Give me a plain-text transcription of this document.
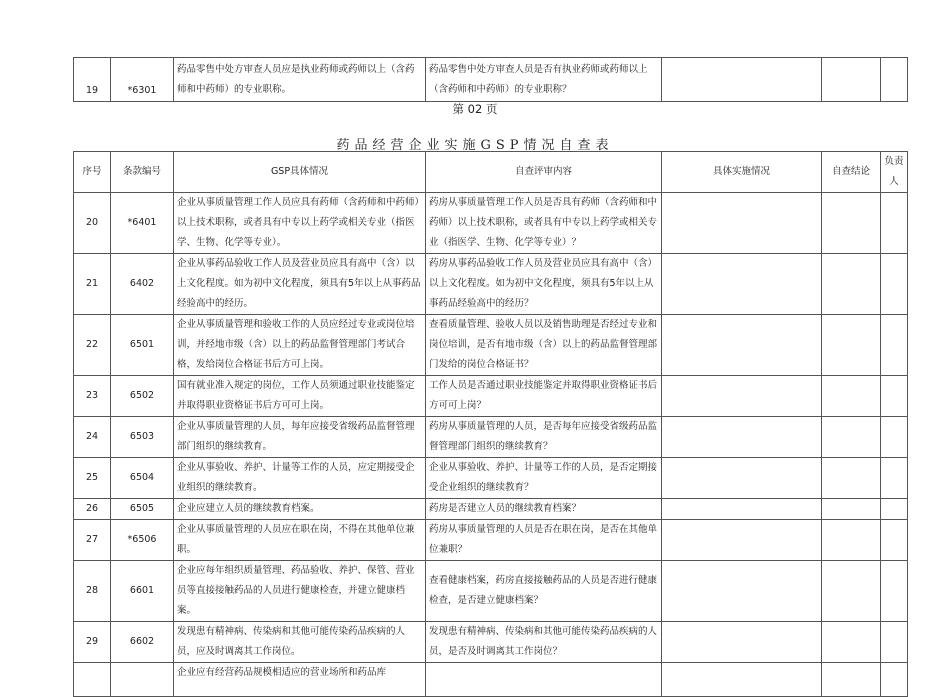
19	*6301	药品零售中处方审查人员应是执业药师或药师以上（含药师和中药师）的专业职称。	药品零售中处方审查人员是否有执业药师或药师以上（含药师和中药师）的专业职称？			
第 02 页
药品经营企业实施GSP情况自查表
序号	条款编号	GSP具体情况	自查评审内容	具体实施情况	自查结论	负责人
20	*6401	企业从事质量管理工作人员应具有药师（含药师和中药师）以上技术职称，或者具有中专以上药学或相关专业（指医学、生物、化学等专业）。	药房从事质量管理工作人员是否具有药师（含药师和中药师）以上技术职称，或者具有中专以上药学或相关专业（指医学、生物、化学等专业）？			
21	6402	企业从事药品验收工作人员及营业员应具有高中（含）以上文化程度。如为初中文化程度，须具有5年以上从事药品经验高中的经历。	药房从事药品验收工作人员及营业员应具有高中（含）以上文化程度。如为初中文化程度，须具有5年以上从事药品经验高中的经历？			
22	6501	企业从事质量管理和验收工作的人员应经过专业或岗位培训，并经地市级（含）以上的药品监督管理部门考试合格，发给岗位合格证书后方可上岗。	查看质量管理、验收人员以及销售助理是否经过专业和岗位培训，是否有地市级（含）以上的药品监督管理部门发给的岗位合格证书？			
23	6502	国有就业准入规定的岗位，工作人员须通过职业技能鉴定并取得职业资格证书后方可可上岗。	工作人员是否通过职业技能鉴定并取得职业资格证书后方可可上岗？			
24	6503	企业从事质量管理的人员，每年应接受省级药品监督管理部门组织的继续教育。	药房从事质量管理的人员，是否每年应接受省级药品监督管理部门组织的继续教育？			
25	6504	企业从事验收、养护、计量等工作的人员，应定期接受企业组织的继续教育。	企业从事验收、养护、计量等工作的人员，是否定期接受企业组织的继续教育？			
26	6505	企业应建立人员的继续教育档案。	药房是否建立人员的继续教育档案？			
27	*6506	企业从事质量管理的人员应在职在岗，不得在其他单位兼职。	药房从事质量管理的人员是否在职在岗，是否在其他单位兼职？			
28	6601	企业应每年组织质量管理、药品验收、养护、保管、营业员等直接接触药品的人员进行健康检查，并建立健康档案。	查看健康档案，药房直接接触药品的人员是否进行健康检查，是否建立健康档案？			
29	6602	发现患有精神病、传染病和其他可能传染药品疾病的人员，应及时调离其工作岗位。	发现患有精神病、传染病和其他可能传染药品疾病的人员，是否及时调离其工作岗位？			
		企业应有经营药品规模相适应的营业场所和药品库				
